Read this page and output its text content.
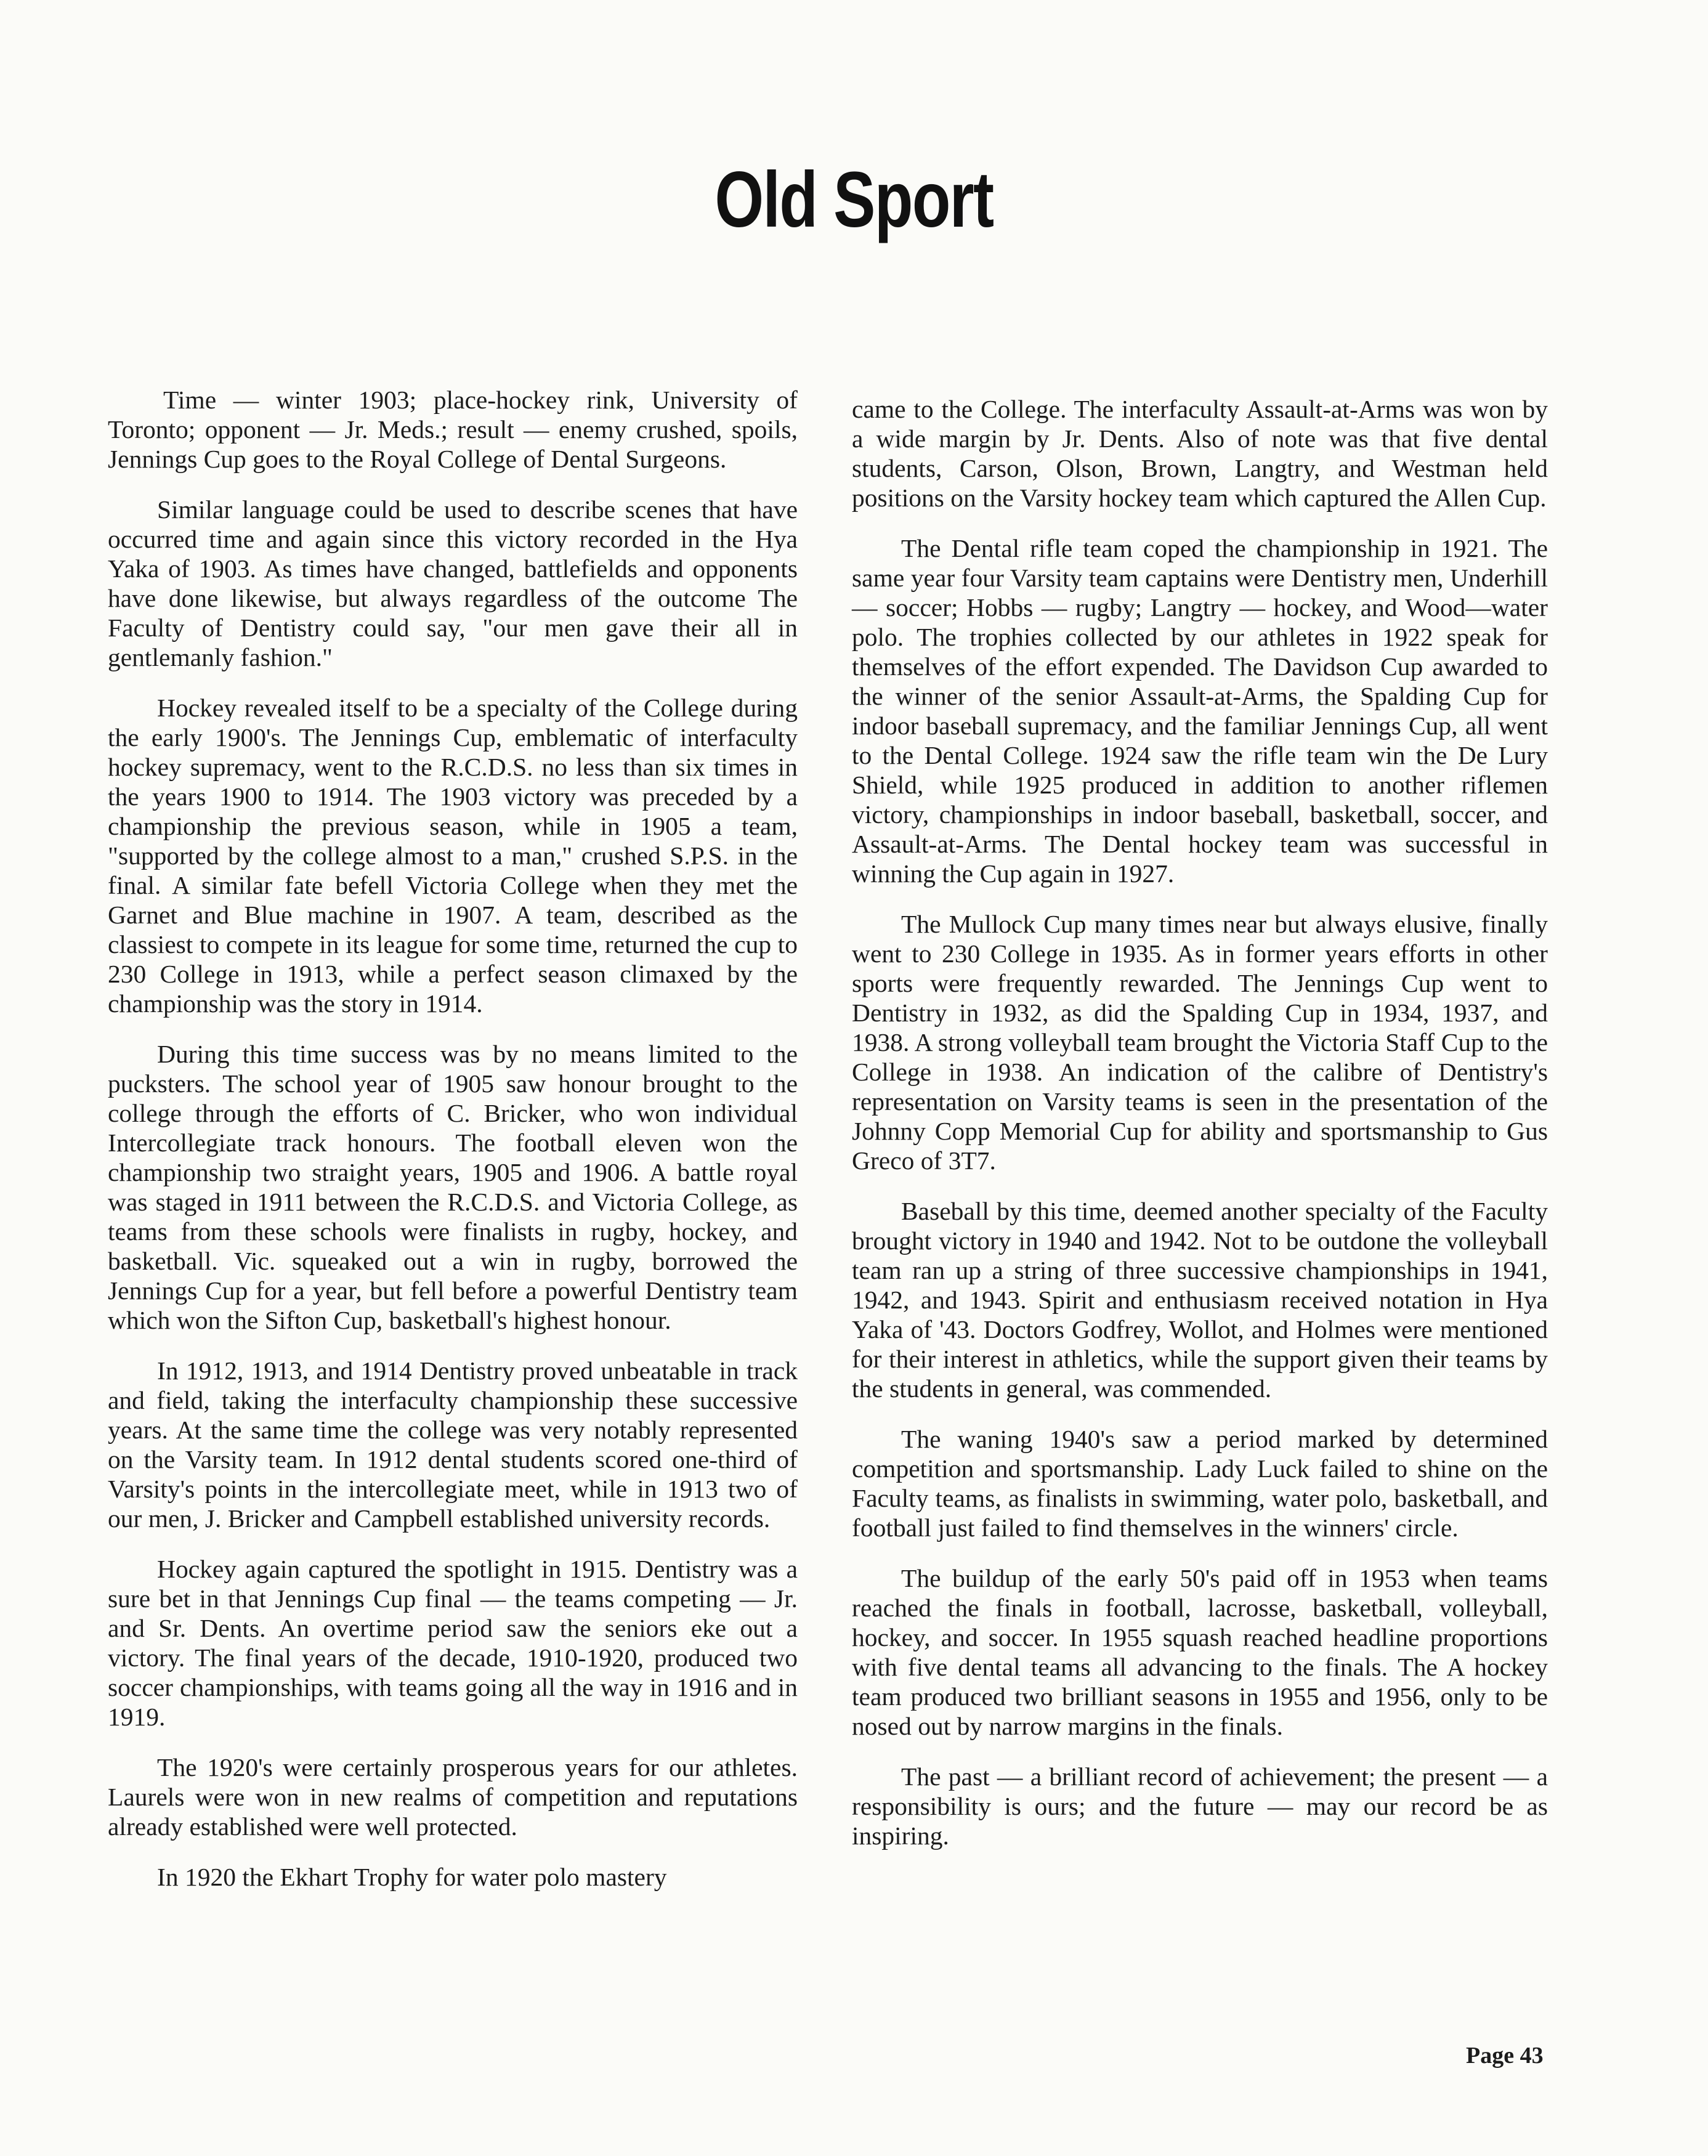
Old Sport

Time — winter 1903; place-hockey rink, University of Toronto; opponent — Jr. Meds.; result — enemy crushed, spoils, Jennings Cup goes to the Royal College of Dental Surgeons.

Similar language could be used to describe scenes that have occurred time and again since this victory recorded in the Hya Yaka of 1903. As times have changed, battlefields and opponents have done likewise, but always regardless of the outcome The Faculty of Dentistry could say, "our men gave their all in gentlemanly fashion."

Hockey revealed itself to be a specialty of the College during the early 1900's. The Jennings Cup, emblematic of interfaculty hockey supremacy, went to the R.C.D.S. no less than six times in the years 1900 to 1914. The 1903 victory was preceded by a championship the previous season, while in 1905 a team, "supported by the college almost to a man," crushed S.P.S. in the final. A similar fate befell Victoria College when they met the Garnet and Blue machine in 1907. A team, described as the classiest to compete in its league for some time, returned the cup to 230 College in 1913, while a perfect season climaxed by the championship was the story in 1914.

During this time success was by no means limited to the pucksters. The school year of 1905 saw honour brought to the college through the efforts of C. Bricker, who won individual Intercollegiate track honours. The football eleven won the championship two straight years, 1905 and 1906. A battle royal was staged in 1911 between the R.C.D.S. and Victoria College, as teams from these schools were finalists in rugby, hockey, and basketball. Vic. squeaked out a win in rugby, borrowed the Jennings Cup for a year, but fell before a powerful Dentistry team which won the Sifton Cup, basketball's highest honour.

In 1912, 1913, and 1914 Dentistry proved unbeatable in track and field, taking the interfaculty championship these successive years. At the same time the college was very notably represented on the Varsity team. In 1912 dental students scored one-third of Varsity's points in the intercollegiate meet, while in 1913 two of our men, J. Bricker and Campbell established university records.

Hockey again captured the spotlight in 1915. Dentistry was a sure bet in that Jennings Cup final — the teams competing — Jr. and Sr. Dents. An overtime period saw the seniors eke out a victory. The final years of the decade, 1910-1920, produced two soccer championships, with teams going all the way in 1916 and in 1919.

The 1920's were certainly prosperous years for our athletes. Laurels were won in new realms of competition and reputations already established were well protected.

In 1920 the Ekhart Trophy for water polo mastery

came to the College. The interfaculty Assault-at-Arms was won by a wide margin by Jr. Dents. Also of note was that five dental students, Carson, Olson, Brown, Langtry, and Westman held positions on the Varsity hockey team which captured the Allen Cup.

The Dental rifle team coped the championship in 1921. The same year four Varsity team captains were Dentistry men, Underhill — soccer; Hobbs — rugby; Langtry — hockey, and Wood—water polo. The trophies collected by our athletes in 1922 speak for themselves of the effort expended. The Davidson Cup awarded to the winner of the senior Assault-at-Arms, the Spalding Cup for indoor baseball supremacy, and the familiar Jennings Cup, all went to the Dental College. 1924 saw the rifle team win the De Lury Shield, while 1925 produced in addition to another riflemen victory, championships in indoor baseball, basketball, soccer, and Assault-at-Arms. The Dental hockey team was successful in winning the Cup again in 1927.

The Mullock Cup many times near but always elusive, finally went to 230 College in 1935. As in former years efforts in other sports were frequently rewarded. The Jennings Cup went to Dentistry in 1932, as did the Spalding Cup in 1934, 1937, and 1938. A strong volleyball team brought the Victoria Staff Cup to the College in 1938. An indication of the calibre of Dentistry's representation on Varsity teams is seen in the presentation of the Johnny Copp Memorial Cup for ability and sportsmanship to Gus Greco of 3T7.

Baseball by this time, deemed another specialty of the Faculty brought victory in 1940 and 1942. Not to be outdone the volleyball team ran up a string of three successive championships in 1941, 1942, and 1943. Spirit and enthusiasm received notation in Hya Yaka of '43. Doctors Godfrey, Wollot, and Holmes were mentioned for their interest in athletics, while the support given their teams by the students in general, was commended.

The waning 1940's saw a period marked by determined competition and sportsmanship. Lady Luck failed to shine on the Faculty teams, as finalists in swimming, water polo, basketball, and football just failed to find themselves in the winners' circle.

The buildup of the early 50's paid off in 1953 when teams reached the finals in football, lacrosse, basketball, volleyball, hockey, and soccer. In 1955 squash reached headline proportions with five dental teams all advancing to the finals. The A hockey team produced two brilliant seasons in 1955 and 1956, only to be nosed out by narrow margins in the finals.

The past — a brilliant record of achievement; the present — a responsibility is ours; and the future — may our record be as inspiring.

Page 43
